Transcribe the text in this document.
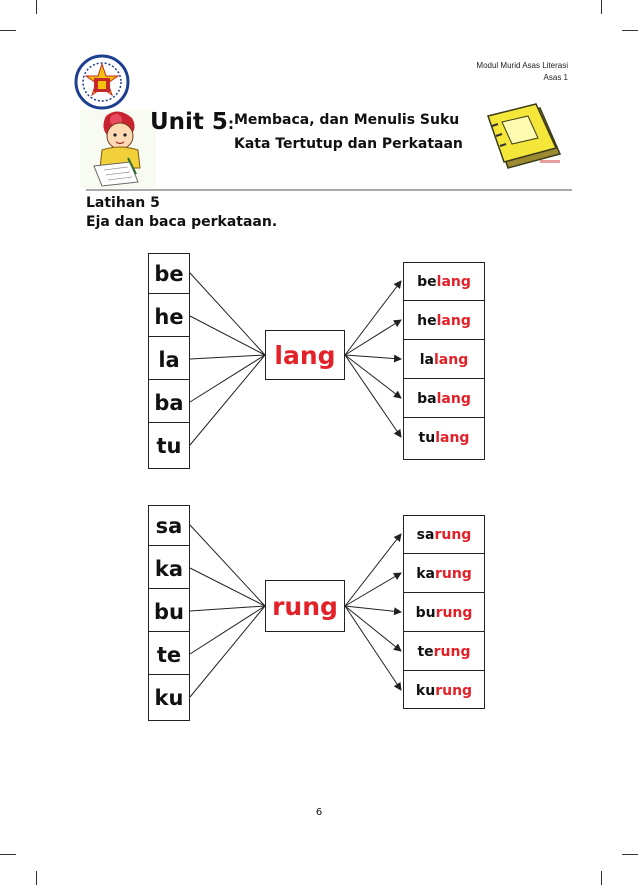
Modul Murid Asas Literasi
Asas 1
Unit 5: Membaca, dan Menulis Suku
Kata Tertutup dan Perkataan
Latihan 5
Eja dan baca perkataan.
be
he
la
ba
tu
lang
be lang
he lang
la lang
ba lang
tu lang
sa
ka
bu
te
ku
rung
sa rung
ka rung
bu rung
te rung
ku rung
6
